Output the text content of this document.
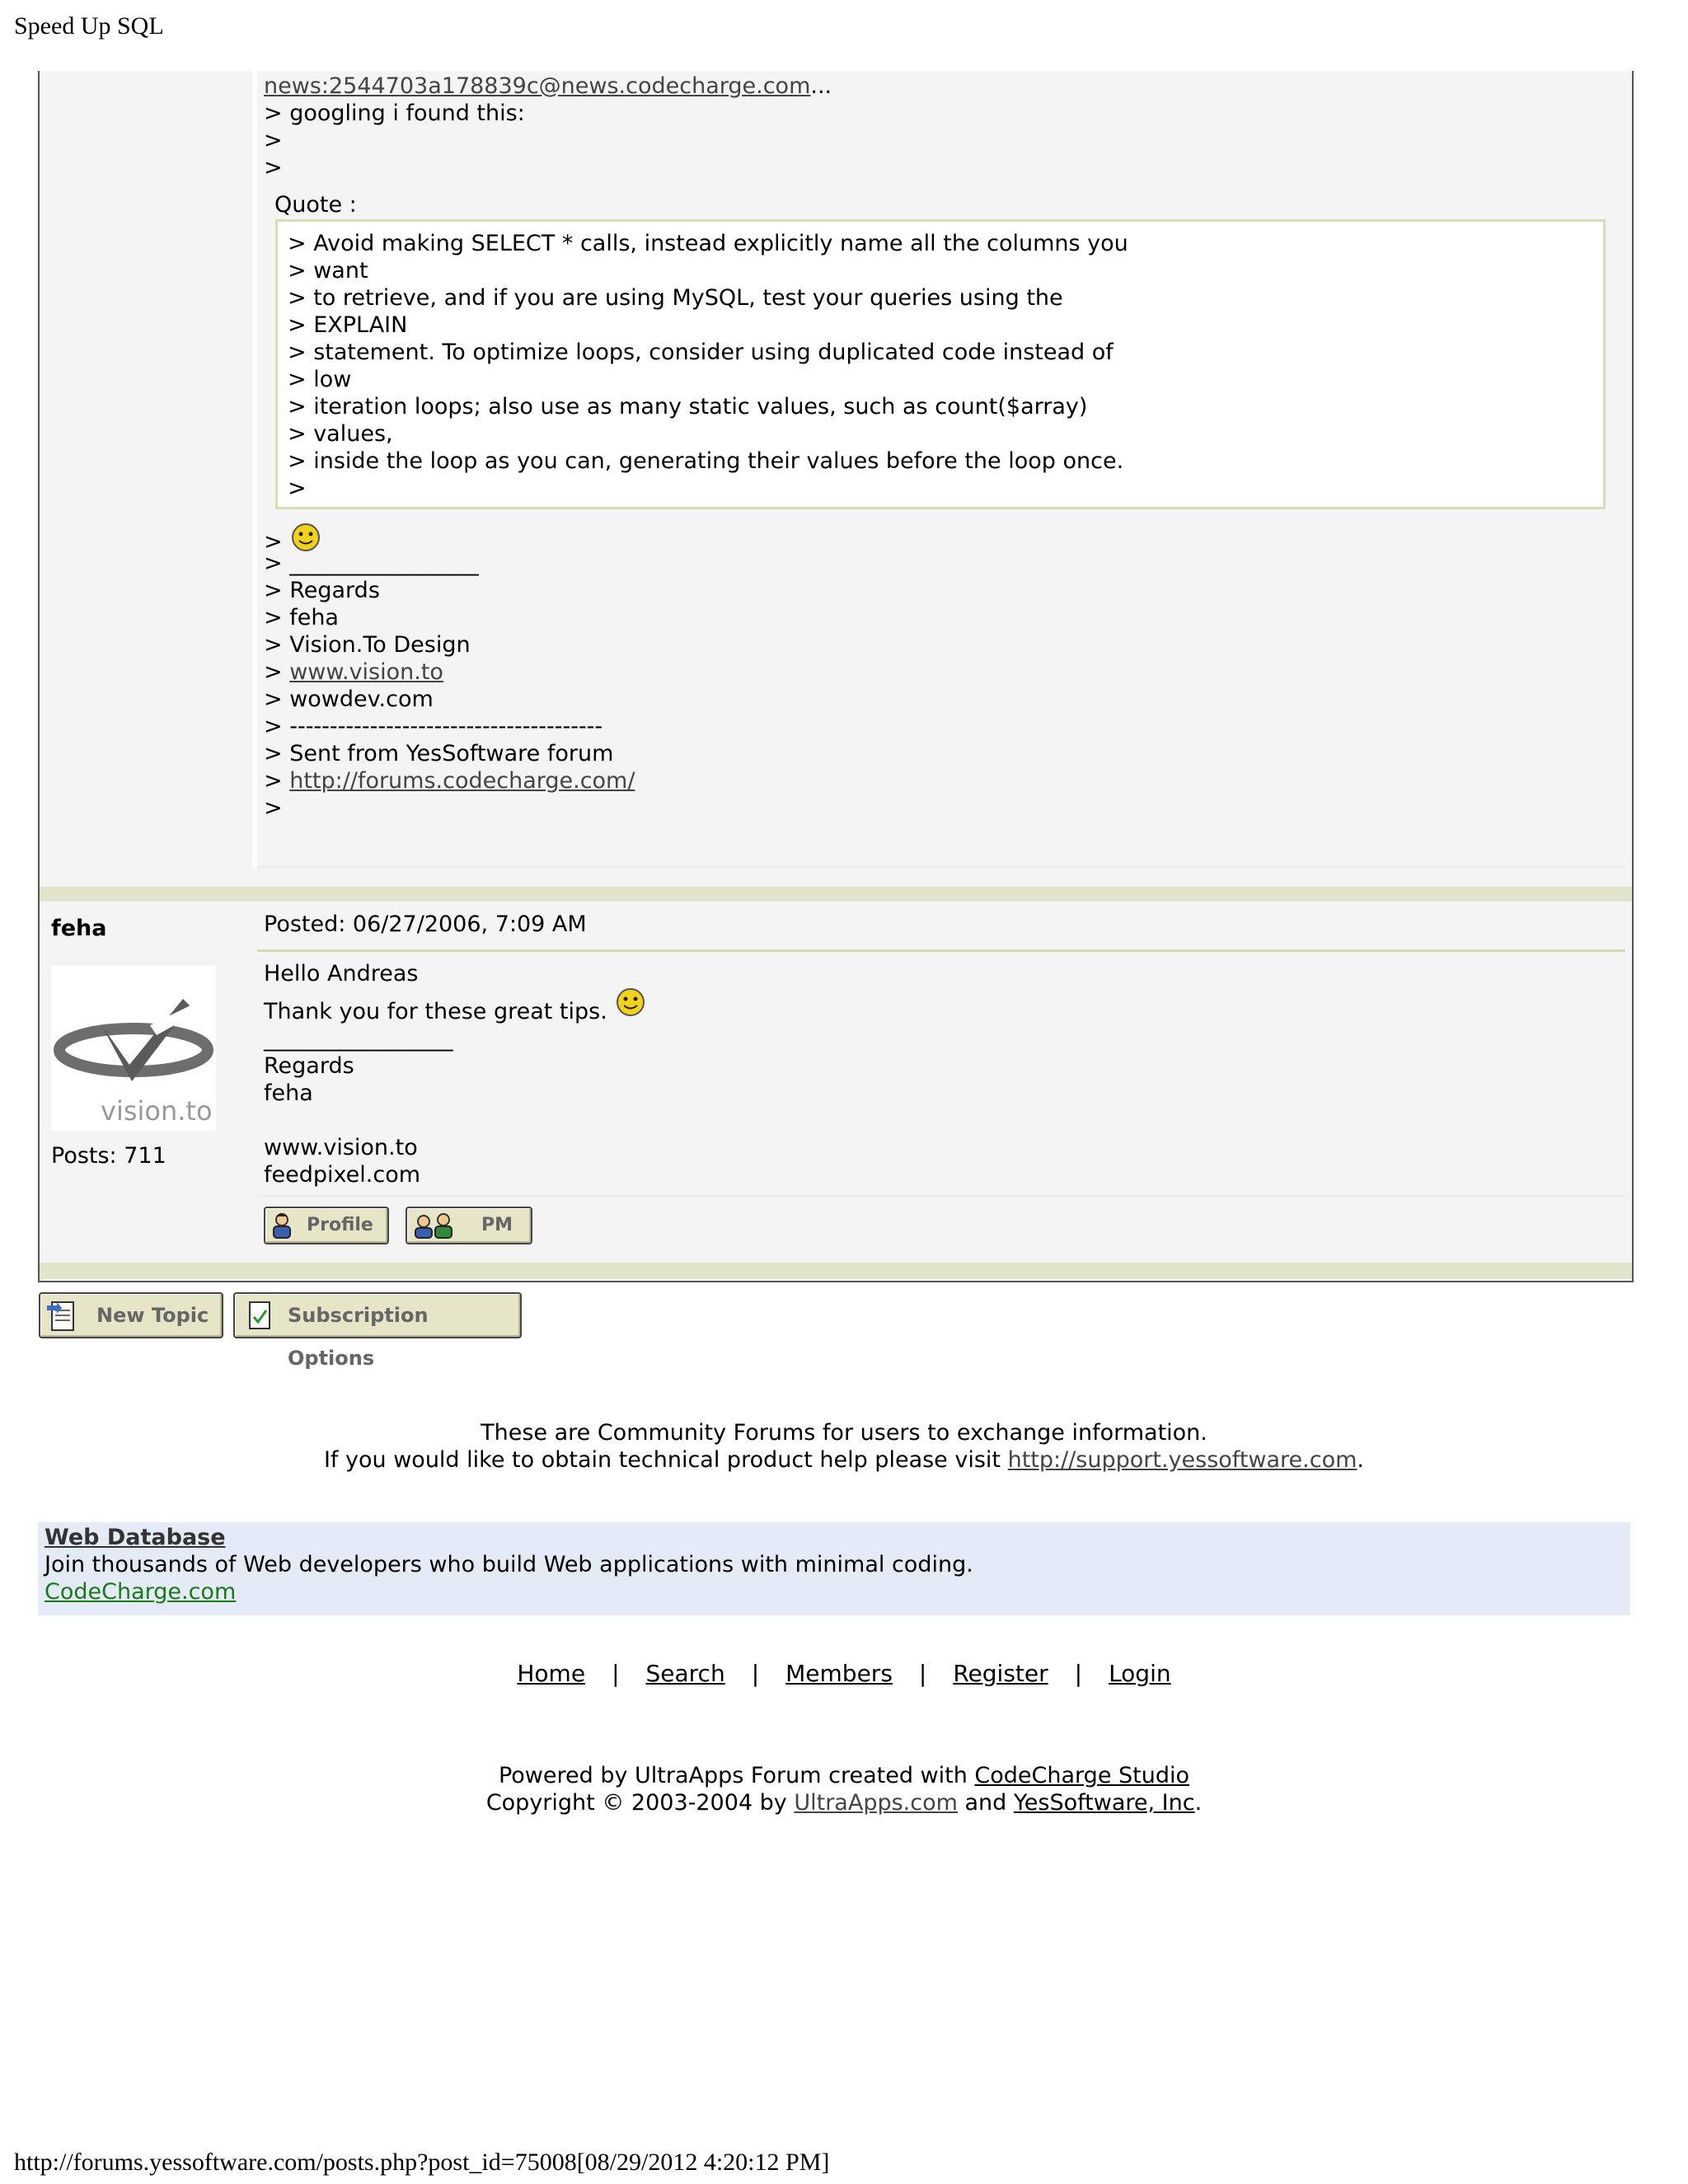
Speed Up SQL
feha
vision.to
Posts: 711
news:2544703a178839c@news.codecharge.com...
> googling i found this:
>
>
Quote :
> Avoid making SELECT * calls, instead explicitly name all the columns you
> want
> to retrieve, and if you are using MySQL, test your queries using the
> EXPLAIN
> statement. To optimize loops, consider using duplicated code instead of
> low
> iteration loops; also use as many static values, such as count($array)
> values,
> inside the loop as you can, generating their values before the loop once.
>
>
> _________________
> Regards
> feha
> Vision.To Design
> www.vision.to
> wowdev.com
> ---------------------------------------
> Sent from YesSoftware forum
> http://forums.codecharge.com/
>
Posted: 06/27/2006, 7:09 AM
Hello Andreas
Thank you for these great tips.
_________________
Regards
feha
www.vision.to
feedpixel.com
Profile	PM
New Topic	Subscription Options
These are Community Forums for users to exchange information.
If you would like to obtain technical product help please visit http://support.yessoftware.com.
Web Database
Join thousands of Web developers who build Web applications with minimal coding.
CodeCharge.com
Home | Search | Members | Register | Login
Powered by UltraApps Forum created with CodeCharge Studio
Copyright © 2003-2004 by UltraApps.com and YesSoftware, Inc.
http://forums.yessoftware.com/posts.php?post_id=75008[08/29/2012 4:20:12 PM]
